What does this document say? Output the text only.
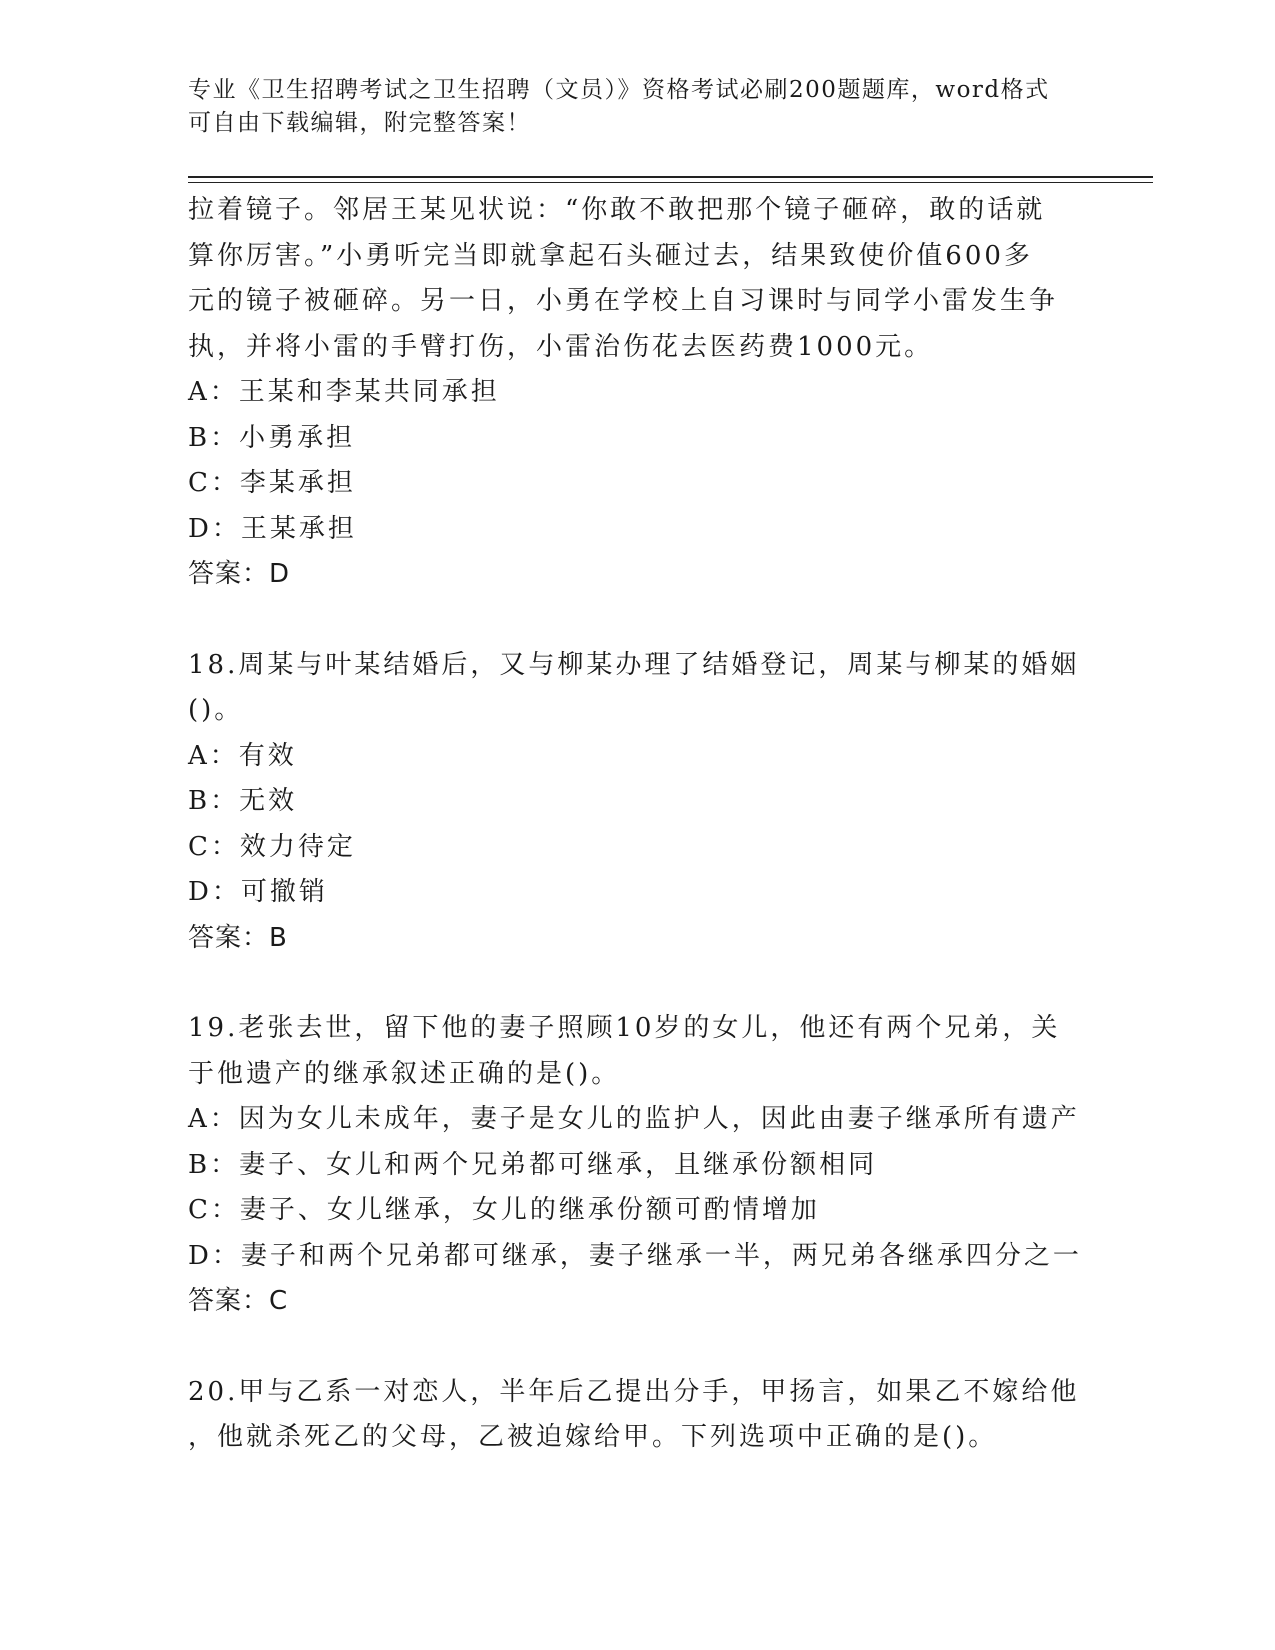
专业《卫生招聘考试之卫生招聘（文员）》资格考试必刷200题题库，word格式
可自由下载编辑，附完整答案！
拉着镜子。邻居王某见状说：“你敢不敢把那个镜子砸碎，敢的话就
算你厉害。”小勇听完当即就拿起石头砸过去，结果致使价值600多
元的镜子被砸碎。另一日，小勇在学校上自习课时与同学小雷发生争
执，并将小雷的手臂打伤，小雷治伤花去医药费1000元。
A：王某和李某共同承担
B：小勇承担
C：李某承担
D：王某承担
答案：D
18.周某与叶某结婚后，又与柳某办理了结婚登记，周某与柳某的婚姻
()。
A：有效
B：无效
C：效力待定
D：可撤销
答案：B
19.老张去世，留下他的妻子照顾10岁的女儿，他还有两个兄弟，关
于他遗产的继承叙述正确的是()。
A：因为女儿未成年，妻子是女儿的监护人，因此由妻子继承所有遗产
B：妻子、女儿和两个兄弟都可继承，且继承份额相同
C：妻子、女儿继承，女儿的继承份额可酌情增加
D：妻子和两个兄弟都可继承，妻子继承一半，两兄弟各继承四分之一
答案：C
20.甲与乙系一对恋人，半年后乙提出分手，甲扬言，如果乙不嫁给他
，他就杀死乙的父母，乙被迫嫁给甲。下列选项中正确的是()。
